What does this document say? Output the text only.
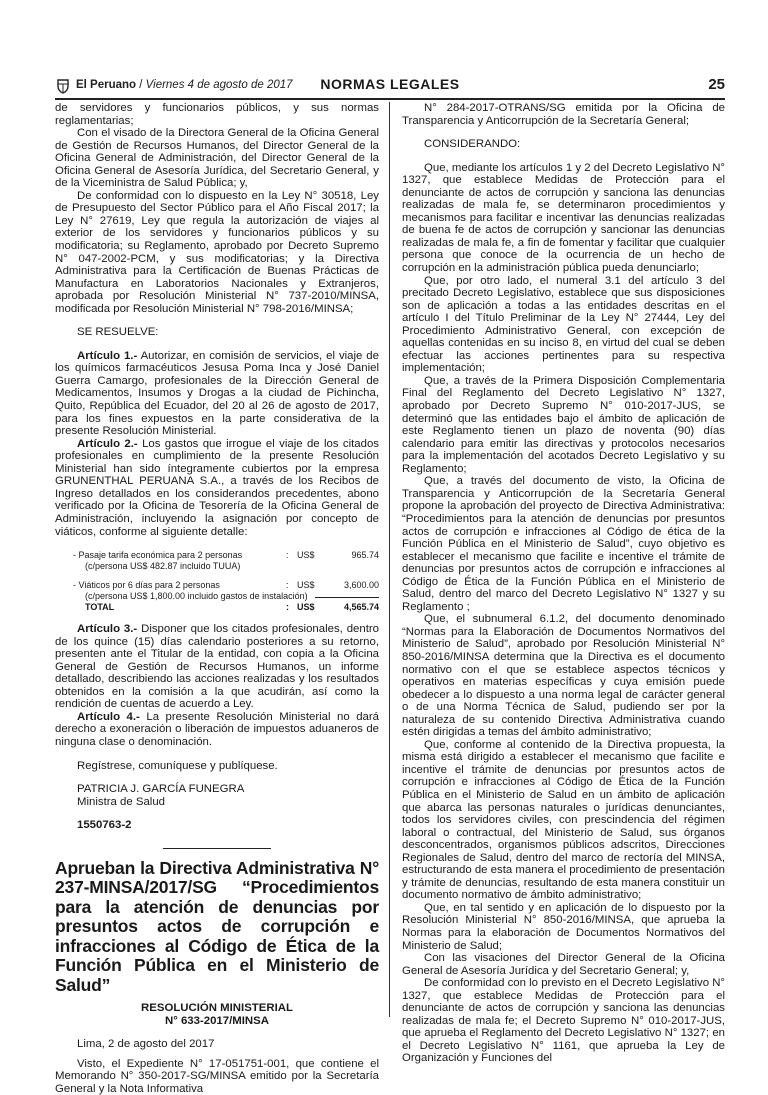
El Peruano / Viernes 4 de agosto de 2017	NORMAS LEGALES	25

de servidores y funcionarios públicos, y sus normas reglamentarias;

Con el visado de la Directora General de la Oficina General de Gestión de Recursos Humanos, del Director General de la Oficina General de Administración, del Director General de la Oficina General de Asesoría Jurídica, del Secretario General, y de la Viceministra de Salud Pública; y,

De conformidad con lo dispuesto en la Ley N° 30518, Ley de Presupuesto del Sector Público para el Año Fiscal 2017; la Ley N° 27619, Ley que regula la autorización de viajes al exterior de los servidores y funcionarios públicos y su modificatoria; su Reglamento, aprobado por Decreto Supremo N° 047-2002-PCM, y sus modificatorias; y la Directiva Administrativa para la Certificación de Buenas Prácticas de Manufactura en Laboratorios Nacionales y Extranjeros, aprobada por Resolución Ministerial N° 737-2010/MINSA, modificada por Resolución Ministerial N° 798-2016/MINSA;

SE RESUELVE:

Artículo 1.- Autorizar, en comisión de servicios, el viaje de los químicos farmacéuticos Jesusa Poma Inca y José Daniel Guerra Camargo, profesionales de la Dirección General de Medicamentos, Insumos y Drogas a la ciudad de Pichincha, Quito, República del Ecuador, del 20 al 26 de agosto de 2017, para los fines expuestos en la parte considerativa de la presente Resolución Ministerial.

Artículo 2.- Los gastos que irrogue el viaje de los citados profesionales en cumplimiento de la presente Resolución Ministerial han sido íntegramente cubiertos por la empresa GRUNENTHAL PERUANA S.A., a través de los Recibos de Ingreso detallados en los considerandos precedentes, abono verificado por la Oficina de Tesorería de la Oficina General de Administración, incluyendo la asignación por concepto de viáticos, conforme al siguiente detalle:

- Pasaje tarifa económica para 2 personas	: US$	965.74
(c/persona US$ 482.87 incluido TUUA)
- Viáticos por 6 días para 2 personas	: US$	3,600.00
(c/persona US$ 1,800.00 incluido gastos de instalación)
TOTAL	: US$	4,565.74

Artículo 3.- Disponer que los citados profesionales, dentro de los quince (15) días calendario posteriores a su retorno, presenten ante el Titular de la entidad, con copia a la Oficina General de Gestión de Recursos Humanos, un informe detallado, describiendo las acciones realizadas y los resultados obtenidos en la comisión a la que acudirán, así como la rendición de cuentas de acuerdo a Ley.

Artículo 4.- La presente Resolución Ministerial no dará derecho a exoneración o liberación de impuestos aduaneros de ninguna clase o denominación.

Regístrese, comuníquese y publíquese.

PATRICIA J. GARCÍA FUNEGRA

Ministra de Salud

1550763-2

Aprueban la Directiva Administrativa N° 237-MINSA/2017/SG “Procedimientos para la atención de denuncias por presuntos actos de corrupción e infracciones al Código de Ética de la Función Pública en el Ministerio de Salud”

RESOLUCIÓN MINISTERIAL

N° 633-2017/MINSA

Lima, 2 de agosto del 2017

Visto, el Expediente N° 17-051751-001, que contiene el Memorando N° 350-2017-SG/MINSA emitido por la Secretaría General y la Nota Informativa

N° 284-2017-OTRANS/SG emitida por la Oficina de Transparencia y Anticorrupción de la Secretaría General;

CONSIDERANDO:

Que, mediante los artículos 1 y 2 del Decreto Legislativo N° 1327, que establece Medidas de Protección para el denunciante de actos de corrupción y sanciona las denuncias realizadas de mala fe, se determinaron procedimientos y mecanismos para facilitar e incentivar las denuncias realizadas de buena fe de actos de corrupción y sancionar las denuncias realizadas de mala fe, a fin de fomentar y facilitar que cualquier persona que conoce de la ocurrencia de un hecho de corrupción en la administración pública pueda denunciarlo;

Que, por otro lado, el numeral 3.1 del artículo 3 del precitado Decreto Legislativo, establece que sus disposiciones son de aplicación a todas a las entidades descritas en el artículo I del Título Preliminar de la Ley N° 27444, Ley del Procedimiento Administrativo General, con excepción de aquellas contenidas en su inciso 8, en virtud del cual se deben efectuar las acciones pertinentes para su respectiva implementación;

Que, a través de la Primera Disposición Complementaria Final del Reglamento del Decreto Legislativo N° 1327, aprobado por Decreto Supremo N° 010-2017-JUS, se determinó que las entidades bajo el ámbito de aplicación de este Reglamento tienen un plazo de noventa (90) días calendario para emitir las directivas y protocolos necesarios para la implementación del acotados Decreto Legislativo y su Reglamento;

Que, a través del documento de visto, la Oficina de Transparencia y Anticorrupción de la Secretaría General propone la aprobación del proyecto de Directiva Administrativa: “Procedimientos para la atención de denuncias por presuntos actos de corrupción e infracciones al Código de ética de la Función Pública en el Ministerio de Salud”, cuyo objetivo es establecer el mecanismo que facilite e incentive el trámite de denuncias por presuntos actos de corrupción e infracciones al Código de Ética de la Función Pública en el Ministerio de Salud, dentro del marco del Decreto Legislativo N° 1327 y su Reglamento ;

Que, el subnumeral 6.1.2, del documento denominado “Normas para la Elaboración de Documentos Normativos del Ministerio de Salud”, aprobado por Resolución Ministerial N° 850-2016/MINSA determina que la Directiva es el documento normativo con el que se establece aspectos técnicos y operativos en materias específicas y cuya emisión puede obedecer a lo dispuesto a una norma legal de carácter general o de una Norma Técnica de Salud, pudiendo ser por la naturaleza de su contenido Directiva Administrativa cuando estén dirigidas a temas del ámbito administrativo;

Que, conforme al contenido de la Directiva propuesta, la misma está dirigido a establecer el mecanismo que facilite e incentive el trámite de denuncias por presuntos actos de corrupción e infracciones al Código de Ética de la Función Pública en el Ministerio de Salud en un ámbito de aplicación que abarca las personas naturales o jurídicas denunciantes, todos los servidores civiles, con prescindencia del régimen laboral o contractual, del Ministerio de Salud, sus órganos desconcentrados, organismos públicos adscritos, Direcciones Regionales de Salud, dentro del marco de rectoría del MINSA, estructurando de esta manera el procedimiento de presentación y trámite de denuncias, resultando de esta manera constituir un documento normativo de ámbito administrativo;

Que, en tal sentido y en aplicación de lo dispuesto por la Resolución Ministerial N° 850-2016/MINSA, que aprueba la Normas para la elaboración de Documentos Normativos del Ministerio de Salud;

Con las visaciones del Director General de la Oficina General de Asesoría Jurídica y del Secretario General; y,

De conformidad con lo previsto en el Decreto Legislativo N° 1327, que establece Medidas de Protección para el denunciante de actos de corrupción y sanciona las denuncias realizadas de mala fe; el Decreto Supremo N° 010-2017-JUS, que aprueba el Reglamento del Decreto Legislativo N° 1327; en el Decreto Legislativo N° 1161, que aprueba la Ley de Organización y Funciones del
